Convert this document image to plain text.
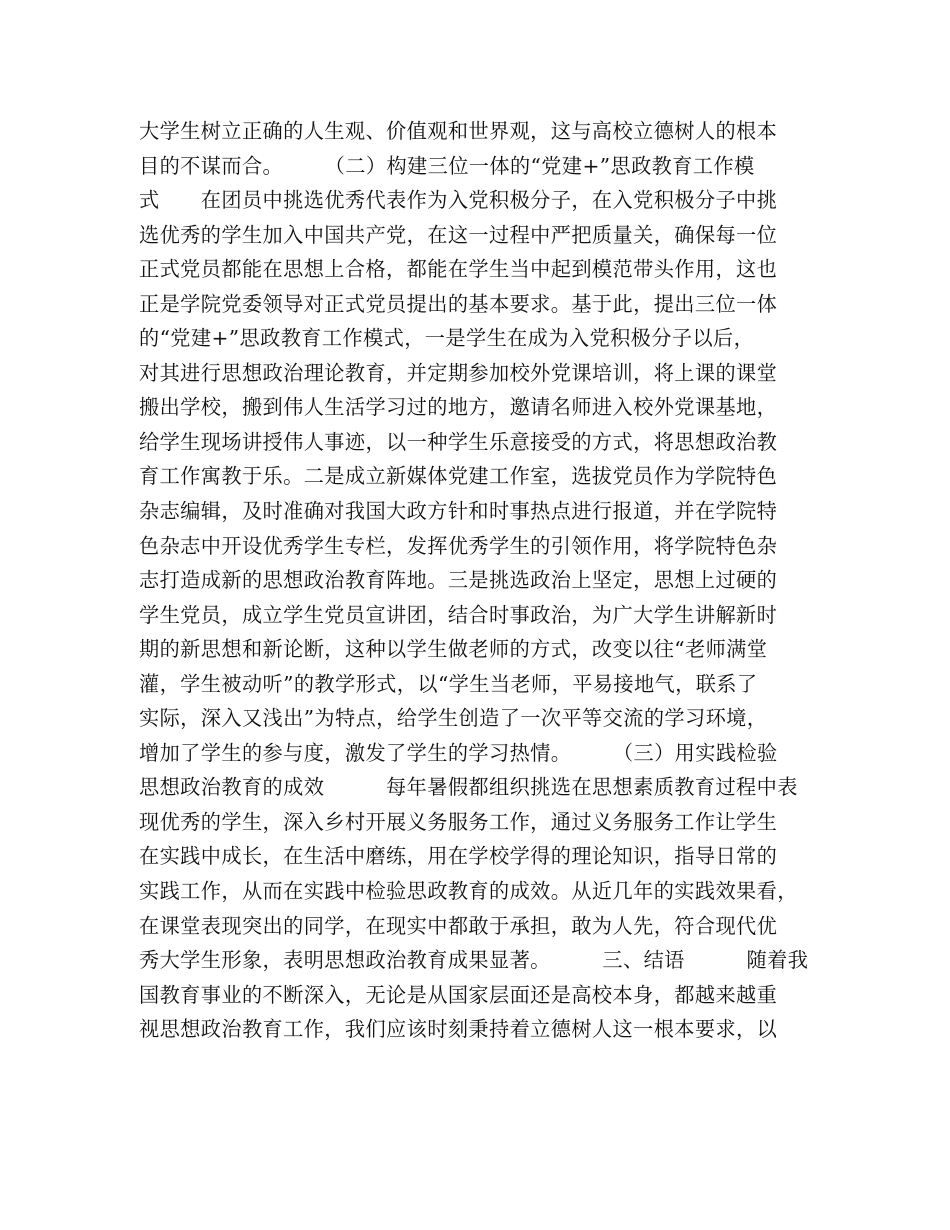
大学生树立正确的人生观、价值观和世界观，这与高校立德树人的根本
目的不谋而合。　　　（二）构建三位一体的“党建+”思政教育工作模
式　　在团员中挑选优秀代表作为入党积极分子，在入党积极分子中挑
选优秀的学生加入中国共产党，在这一过程中严把质量关，确保每一位
正式党员都能在思想上合格，都能在学生当中起到模范带头作用，这也
正是学院党委领导对正式党员提出的基本要求。基于此，提出三位一体
的“党建+”思政教育工作模式，一是学生在成为入党积极分子以后，
对其进行思想政治理论教育，并定期参加校外党课培训，将上课的课堂
搬出学校，搬到伟人生活学习过的地方，邀请名师进入校外党课基地，
给学生现场讲授伟人事迹，以一种学生乐意接受的方式，将思想政治教
育工作寓教于乐。二是成立新媒体党建工作室，选拔党员作为学院特色
杂志编辑，及时准确对我国大政方针和时事热点进行报道，并在学院特
色杂志中开设优秀学生专栏，发挥优秀学生的引领作用，将学院特色杂
志打造成新的思想政治教育阵地。三是挑选政治上坚定，思想上过硬的
学生党员，成立学生党员宣讲团，结合时事政治，为广大学生讲解新时
期的新思想和新论断，这种以学生做老师的方式，改变以往“老师满堂
灌，学生被动听”的教学形式，以“学生当老师，平易接地气，联系了
实际，深入又浅出”为特点，给学生创造了一次平等交流的学习环境，
增加了学生的参与度，激发了学生的学习热情。　　　（三）用实践检验
思想政治教育的成效　　　每年暑假都组织挑选在思想素质教育过程中表
现优秀的学生，深入乡村开展义务服务工作，通过义务服务工作让学生
在实践中成长，在生活中磨练，用在学校学得的理论知识，指导日常的
实践工作，从而在实践中检验思政教育的成效。从近几年的实践效果看，
在课堂表现突出的同学，在现实中都敢于承担，敢为人先，符合现代优
秀大学生形象，表明思想政治教育成果显著。　　　三、结语　　　随着我
国教育事业的不断深入，无论是从国家层面还是高校本身，都越来越重
视思想政治教育工作，我们应该时刻秉持着立德树人这一根本要求，以
